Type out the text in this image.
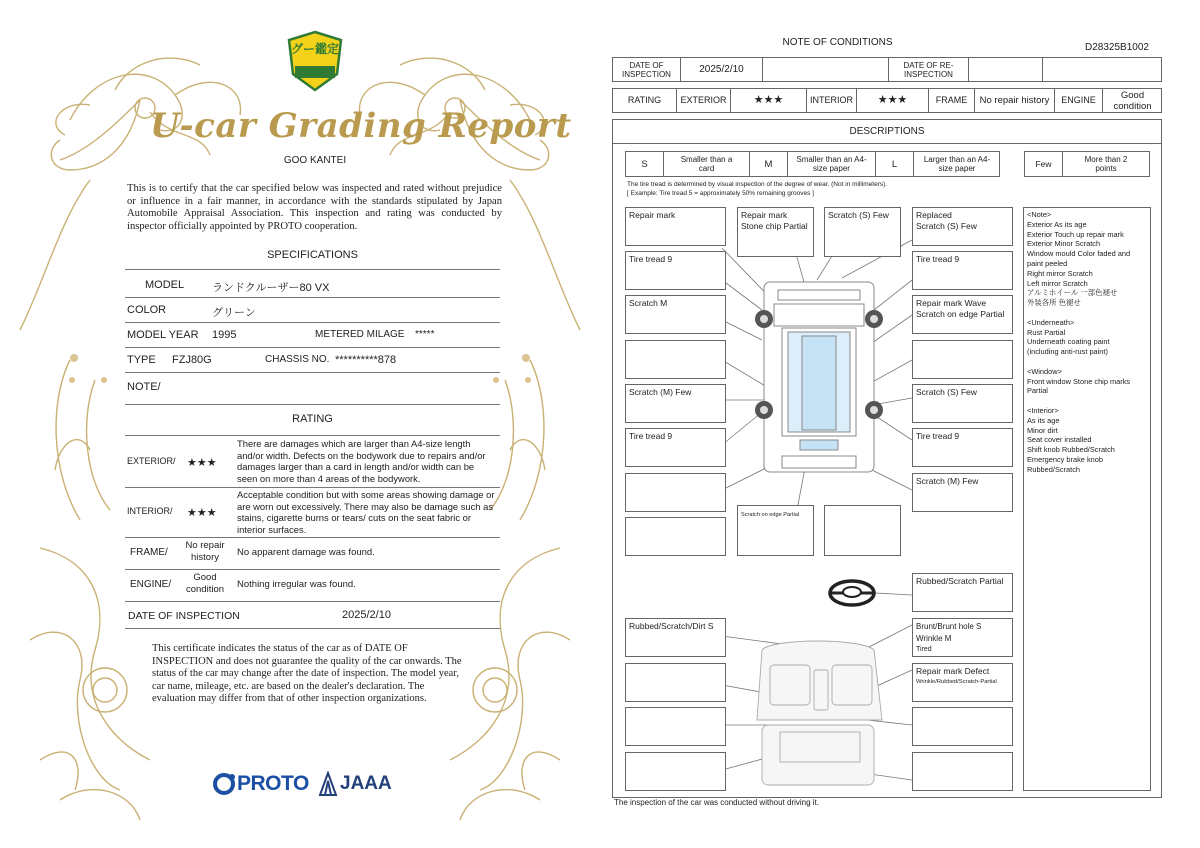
グー鑑定
U-car Grading Report
GOO KANTEI
This is to certify that the car specified below was inspected and rated without prejudice or influence in a fair manner, in accordance with the standards stipulated by Japan Automobile Appraisal Association. This inspection and rating was conducted by inspector officially appointed by PROTO cooperation.
SPECIFICATIONS
MODEL	ランドクルーザー80 VX
COLOR	グリーン
MODEL YEAR 1995	METERED MILAGE *****
TYPE FZJ80G	CHASSIS NO. **********878
NOTE/
RATING
EXTERIOR/ ★★★
There are damages which are larger than A4-size length and/or width. Defects on the bodywork due to repairs and/or damages larger than a card in length and/or width can be seen on more than 4 areas of the bodywork.
INTERIOR/ ★★★
Acceptable condition but with some areas showing damage or are worn out excessively. There may also be damage such as stains, cigarette burns or tears/ cuts on the seat fabric or interior surfaces.
FRAME/
No repair history	No apparent damage was found.
ENGINE/
Good condition	Nothing irregular was found.
DATE OF INSPECTION	2025/2/10
This certificate indicates the status of the car as of DATE OF INSPECTION and does not guarantee the quality of the car onwards. The status of the car may change after the date of inspection. The model year, car name, mileage, etc. are based on the dealer's declaration. The evaluation may differ from that of other inspection organizations.
PROTO JAAA
NOTE OF CONDITIONS	D28325B1002
DATE OF INSPECTION	2025/2/10	DATE OF RE-INSPECTION
RATING	EXTERIOR	★★★	INTERIOR	★★★	FRAME	No repair history	ENGINE	Good condition
DESCRIPTIONS
S	Smaller than a card	M	Smaller than an A4-size paper	L	Larger than an A4-size paper	Few	More than 2 points
The tire tread is determined by visual inspection of the degree of wear. (Not in millimeters).
[ Example: Tire tread 5 = approximately 50% remaining grooves ]
<Note>
Exterior As its age
Exterior Touch up repair mark
Exterior Minor Scratch
Window mould Color faded and
paint peeled
Right mirror Scratch
Left mirror Scratch
アルミホイール 一部色褪せ
外装各所 色褪せ
<Underneath>
Rust Partial
Underneath coating paint
(including anti-rust paint)
<Window>
Front window Stone chip marks
Partial
<Interior>
As its age
Minor dirt
Seat cover installed
Shift knob Rubbed/Scratch
Emergency brake knob
Rubbed/Scratch
Repair mark	Repair mark
Stone chip Partial
Scratch (S) Few	Replaced
Scratch (S) Few
Tire tread 9	Tire tread 9
Scratch M	Repair mark Wave
Scratch on edge Partial
Scratch (M) Few	Scratch (S) Few
Tire tread 9	Tire tread 9
Scratch (M) Few
Scratch on edge Partial
Rubbed/Scratch Partial
Rubbed/Scratch/Dirt S	Brunt/Brunt hole S
Wrinkle M
Tired
Repair mark Defect
Wrinkle/Rubbed/Scratch-Partial
The inspection of the car was conducted without driving it.
